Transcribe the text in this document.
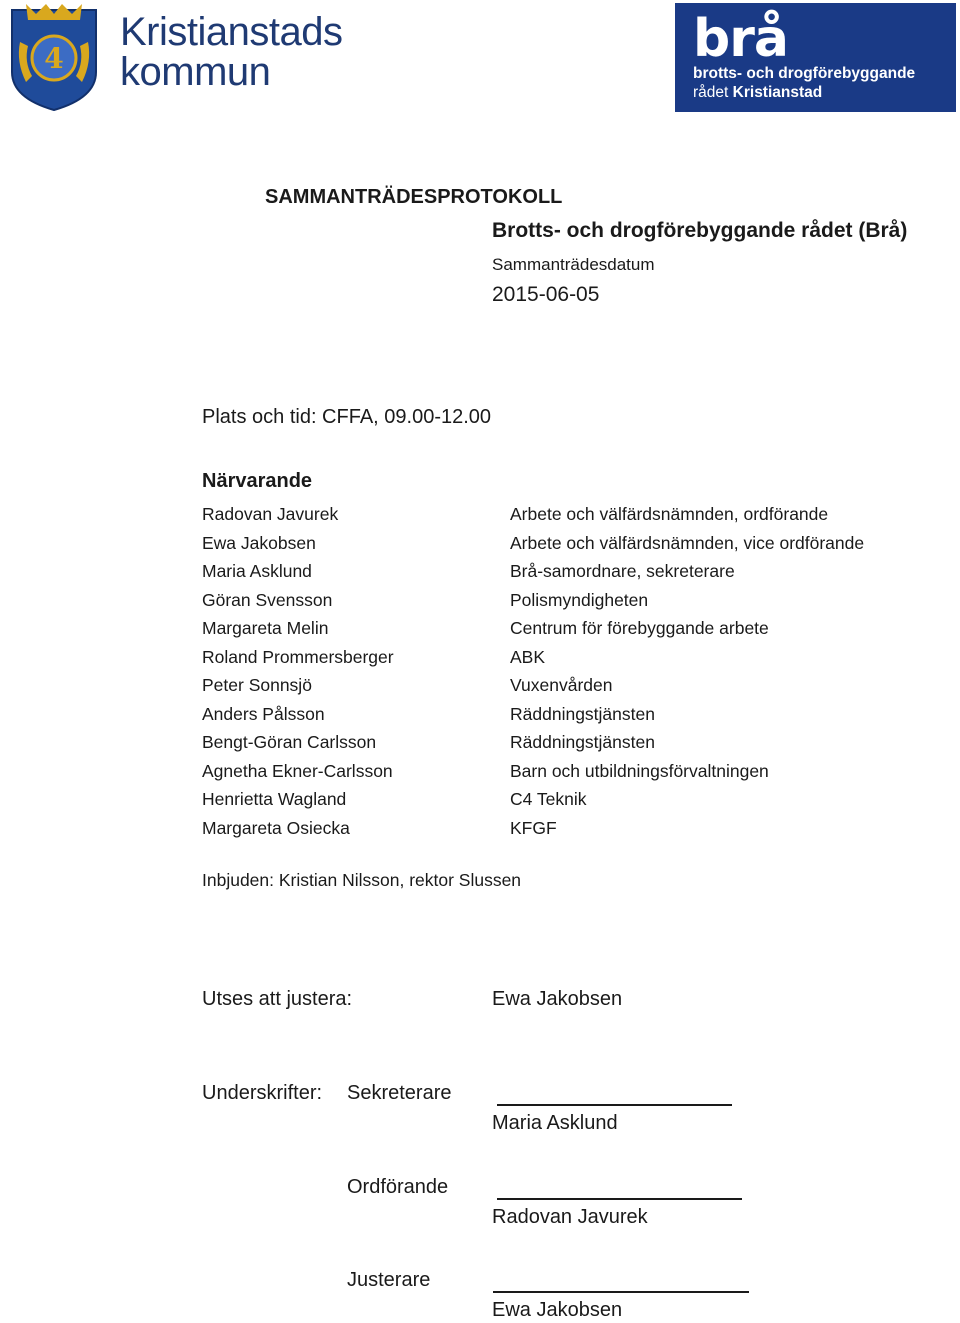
4
Kristianstads
kommun
brå
brotts- och drogförebyggande
rådet Kristianstad
SAMMANTRÄDESPROTOKOLL
Brotts- och drogförebyggande rådet (Brå)
Sammanträdesdatum
2015-06-05
Plats och tid: CFFA, 09.00-12.00
Närvarande
Radovan Javurek	Arbete och välfärdsnämnden, ordförande
Ewa Jakobsen	Arbete och välfärdsnämnden, vice ordförande
Maria Asklund	Brå-samordnare, sekreterare
Göran Svensson	Polismyndigheten
Margareta Melin	Centrum för förebyggande arbete
Roland Prommersberger	ABK
Peter Sonnsjö	Vuxenvården
Anders Pålsson	Räddningstjänsten
Bengt-Göran Carlsson	Räddningstjänsten
Agnetha Ekner-Carlsson	Barn och utbildningsförvaltningen
Henrietta Wagland	C4 Teknik
Margareta Osiecka	KFGF
Inbjuden: Kristian Nilsson, rektor Slussen
Utses att justera:	Ewa Jakobsen
Underskrifter: Sekreterare
Maria Asklund
Ordförande
Radovan Javurek
Justerare
Ewa Jakobsen
